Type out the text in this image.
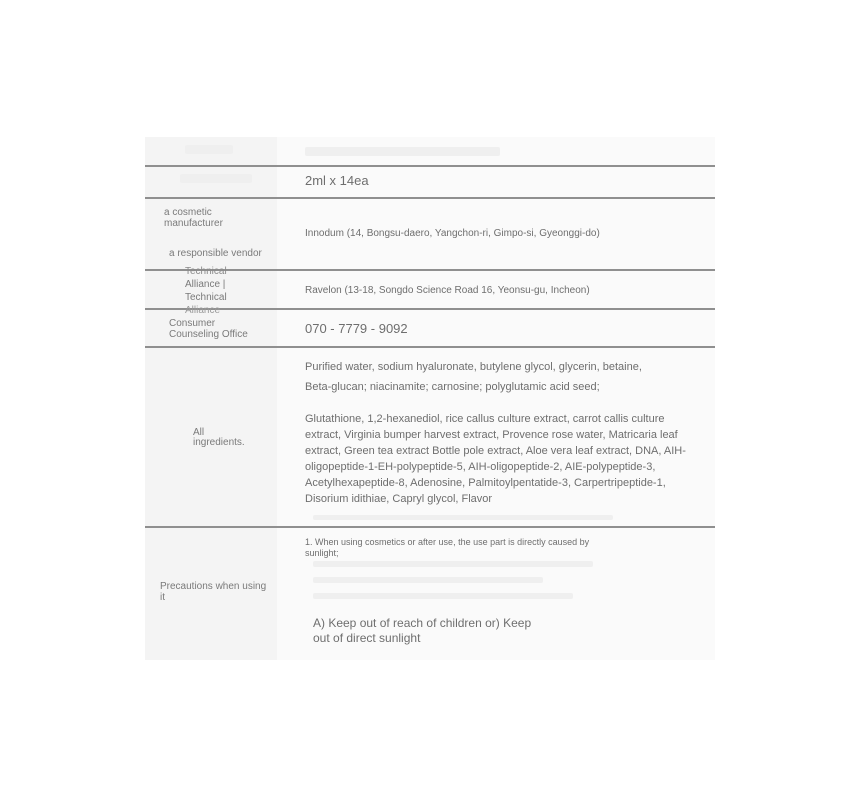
2ml x 14ea
a cosmetic
manufacturer
a responsible vendor
Innodum (14, Bongsu-daero, Yangchon-ri, Gimpo-si, Gyeonggi-do)
Technical
Alliance |
Technical
Ravelon (13-18, Songdo Science Road 16, Yeonsu-gu, Incheon)
Alliance
Consumer
Counseling Office	070 - 7779 - 9092
All
ingredients.
Purified water, sodium hyaluronate, butylene glycol, glycerin, betaine,
Beta-glucan; niacinamite; carnosine; polyglutamic acid seed;
Glutathione, 1,2-hexanediol, rice callus culture extract, carrot callis culture extract, Virginia bumper harvest extract, Provence rose water, Matricaria leaf extract, Green tea extract Bottle pole extract, Aloe vera leaf extract, DNA, AIH-oligopeptide-1-EH-polypeptide-5, AIH-oligopeptide-2, AIE-polypeptide-3, Acetylhexapeptide-8, Adenosine, Palmitoylpentatide-3, Carpertripeptide-1, Disorium idithiae, Capryl glycol, Flavor
Precautions when using it
1. When using cosmetics or after use, the use part is directly caused by sunlight;
A) Keep out of reach of children or) Keep out of direct sunlight
